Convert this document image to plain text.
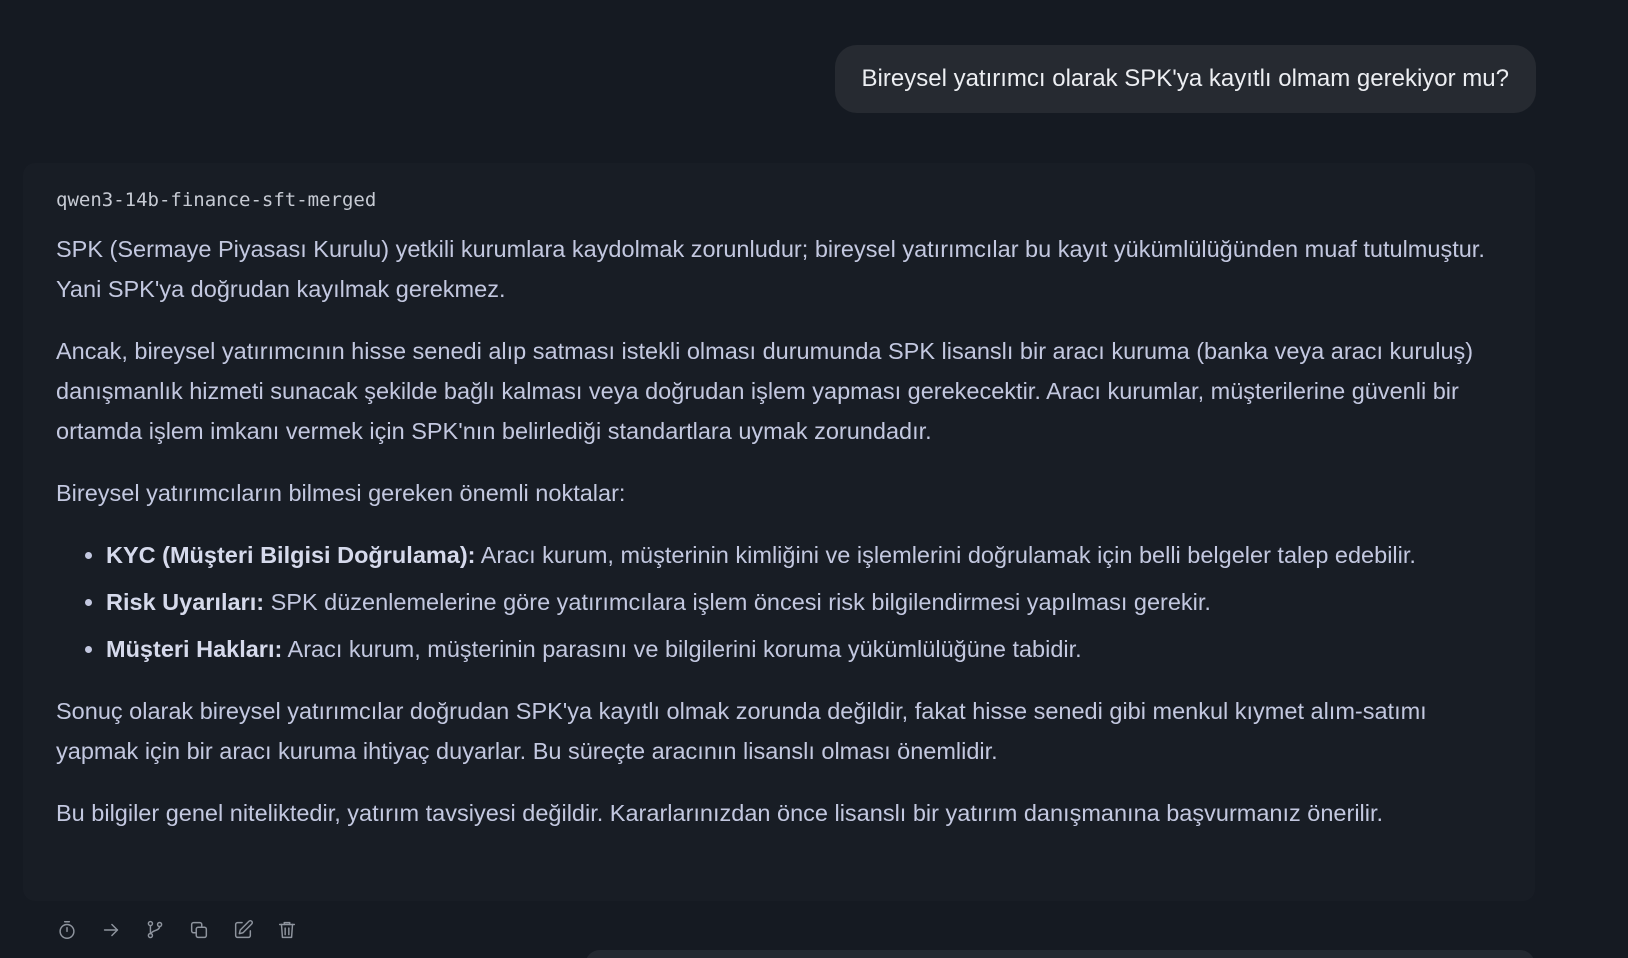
Bireysel yatırımcı olarak SPK'ya kayıtlı olmam gerekiyor mu?
qwen3-14b-finance-sft-merged

SPK (Sermaye Piyasası Kurulu) yetkili kurumlara kaydolmak zorunludur; bireysel yatırımcılar bu kayıt yükümlülüğünden muaf tutulmuştur. Yani SPK'ya doğrudan kayılmak gerekmez.

Ancak, bireysel yatırımcının hisse senedi alıp satması istekli olması durumunda SPK lisanslı bir aracı kuruma (banka veya aracı kuruluş) danışmanlık hizmeti sunacak şekilde bağlı kalması veya doğrudan işlem yapması gerekecektir. Aracı kurumlar, müşterilerine güvenli bir ortamda işlem imkanı vermek için SPK'nın belirlediği standartlara uymak zorundadır.

Bireysel yatırımcıların bilmesi gereken önemli noktalar:

• KYC (Müşteri Bilgisi Doğrulama): Aracı kurum, müşterinin kimliğini ve işlemlerini doğrulamak için belli belgeler talep edebilir.
• Risk Uyarıları: SPK düzenlemelerine göre yatırımcılara işlem öncesi risk bilgilendirmesi yapılması gerekir.
• Müşteri Hakları: Aracı kurum, müşterinin parasını ve bilgilerini koruma yükümlülüğüne tabidir.

Sonuç olarak bireysel yatırımcılar doğrudan SPK'ya kayıtlı olmak zorunda değildir, fakat hisse senedi gibi menkul kıymet alım-satımı yapmak için bir aracı kuruma ihtiyaç duyarlar. Bu süreçte aracının lisanslı olması önemlidir.

Bu bilgiler genel niteliktedir, yatırım tavsiyesi değildir. Kararlarınızdan önce lisanslı bir yatırım danışmanına başvurmanız önerilir.
